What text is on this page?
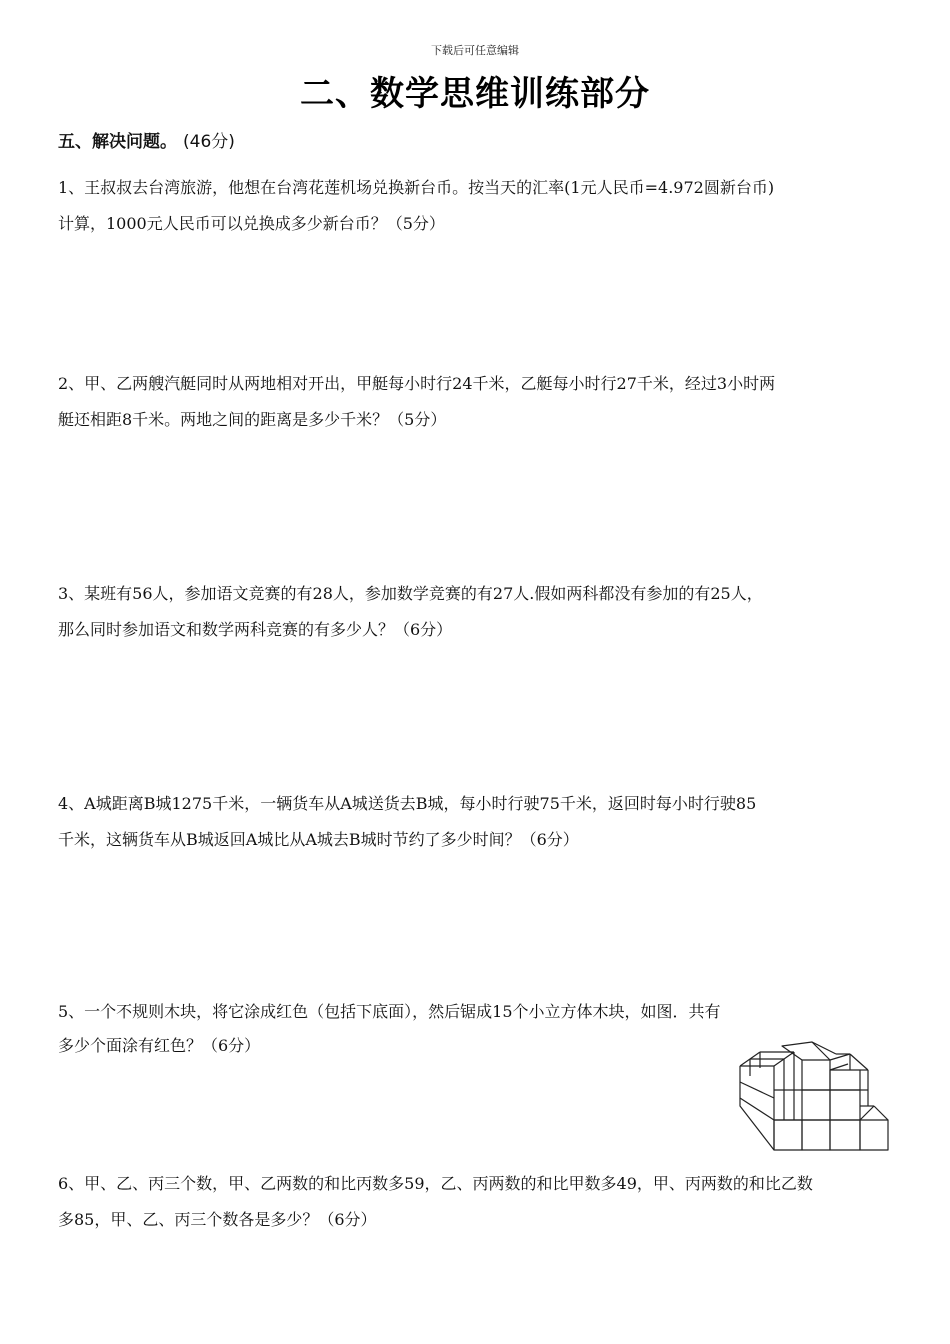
下载后可任意编辑
二、数学思维训练部分
五、解决问题。 (46分)
1、王叔叔去台湾旅游，他想在台湾花莲机场兑换新台币。按当天的汇率(1元人民币=4.972圆新台币)
计算，1000元人民币可以兑换成多少新台币？（5分）
2、甲、乙两艘汽艇同时从两地相对开出，甲艇每小时行24千米，乙艇每小时行27千米，经过3小时两
艇还相距8千米。两地之间的距离是多少千米？（5分）
3、某班有56人，参加语文竞赛的有28人，参加数学竞赛的有27人.假如两科都没有参加的有25人，
那么同时参加语文和数学两科竞赛的有多少人？（6分）
4、A城距离B城1275千米，一辆货车从A城送货去B城，每小时行驶75千米，返回时每小时行驶85
千米，这辆货车从B城返回A城比从A城去B城时节约了多少时间？（6分）
5、一个不规则木块，将它涂成红色（包括下底面），然后锯成15个小立方体木块，如图．共有
多少个面涂有红色？（6分）
6、甲、乙、丙三个数，甲、乙两数的和比丙数多59，乙、丙两数的和比甲数多49，甲、丙两数的和比乙数
多85，甲、乙、丙三个数各是多少？（6分）
